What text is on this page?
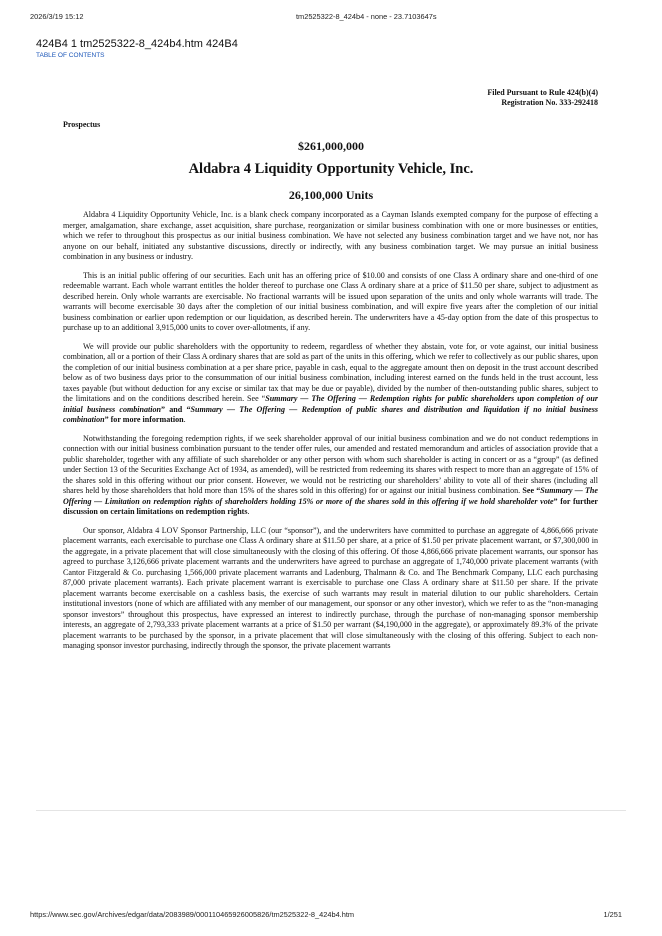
2026/3/19 15:12	tm2525322-8_424b4 - none - 23.7103647s
424B4 1 tm2525322-8_424b4.htm 424B4
TABLE OF CONTENTS
Filed Pursuant to Rule 424(b)(4)
Registration No. 333-292418
Prospectus
$261,000,000
Aldabra 4 Liquidity Opportunity Vehicle, Inc.
26,100,000 Units

Aldabra 4 Liquidity Opportunity Vehicle, Inc. is a blank check company incorporated as a Cayman Islands exempted company for the purpose of effecting a merger, amalgamation, share exchange, asset acquisition, share purchase, reorganization or similar business combination with one or more businesses or entities, which we refer to throughout this prospectus as our initial business combination. We have not selected any business combination target and we have not, nor has anyone on our behalf, initiated any substantive discussions, directly or indirectly, with any business combination target. We may pursue an initial business combination in any business or industry.

This is an initial public offering of our securities. Each unit has an offering price of $10.00 and consists of one Class A ordinary share and one-third of one redeemable warrant. Each whole warrant entitles the holder thereof to purchase one Class A ordinary share at a price of $11.50 per share, subject to adjustment as described herein. Only whole warrants are exercisable. No fractional warrants will be issued upon separation of the units and only whole warrants will trade. The warrants will become exercisable 30 days after the completion of our initial business combination, and will expire five years after the completion of our initial business combination or earlier upon redemption or our liquidation, as described herein. The underwriters have a 45-day option from the date of this prospectus to purchase up to an additional 3,915,000 units to cover over-allotments, if any.

We will provide our public shareholders with the opportunity to redeem, regardless of whether they abstain, vote for, or vote against, our initial business combination, all or a portion of their Class A ordinary shares that are sold as part of the units in this offering, which we refer to collectively as our public shares, upon the completion of our initial business combination at a per share price, payable in cash, equal to the aggregate amount then on deposit in the trust account described below as of two business days prior to the consummation of our initial business combination, including interest earned on the funds held in the trust account, less taxes payable (but without deduction for any excise or similar tax that may be due or payable), divided by the number of then-outstanding public shares, subject to the limitations and on the conditions described herein. See “Summary — The Offering — Redemption rights for public shareholders upon completion of our initial business combination” and “Summary — The Offering — Redemption of public shares and distribution and liquidation if no initial business combination” for more information.

Notwithstanding the foregoing redemption rights, if we seek shareholder approval of our initial business combination and we do not conduct redemptions in connection with our initial business combination pursuant to the tender offer rules, our amended and restated memorandum and articles of association provide that a public shareholder, together with any affiliate of such shareholder or any other person with whom such shareholder is acting in concert or as a “group” (as defined under Section 13 of the Securities Exchange Act of 1934, as amended), will be restricted from redeeming its shares with respect to more than an aggregate of 15% of the shares sold in this offering without our prior consent. However, we would not be restricting our shareholders’ ability to vote all of their shares (including all shares held by those shareholders that hold more than 15% of the shares sold in this offering) for or against our initial business combination. See “Summary — The Offering — Limitation on redemption rights of shareholders holding 15% or more of the shares sold in this offering if we hold shareholder vote” for further discussion on certain limitations on redemption rights.

Our sponsor, Aldabra 4 LOV Sponsor Partnership, LLC (our “sponsor”), and the underwriters have committed to purchase an aggregate of 4,866,666 private placement warrants, each exercisable to purchase one Class A ordinary share at $11.50 per share, at a price of $1.50 per private placement warrant, or $7,300,000 in the aggregate, in a private placement that will close simultaneously with the closing of this offering. Of those 4,866,666 private placement warrants, our sponsor has agreed to purchase 3,126,666 private placement warrants and the underwriters have agreed to purchase an aggregate of 1,740,000 private placement warrants (with Cantor Fitzgerald & Co. purchasing 1,566,000 private placement warrants and Ladenburg, Thalmann & Co. and The Benchmark Company, LLC each purchasing 87,000 private placement warrants). Each private placement warrant is exercisable to purchase one Class A ordinary share at $11.50 per share. If the private placement warrants become exercisable on a cashless basis, the exercise of such warrants may result in material dilution to our public shareholders. Certain institutional investors (none of which are affiliated with any member of our management, our sponsor or any other investor), which we refer to as the “non-managing sponsor investors” throughout this prospectus, have expressed an interest to indirectly purchase, through the purchase of non-managing sponsor membership interests, an aggregate of 2,793,333 private placement warrants at a price of $1.50 per warrant ($4,190,000 in the aggregate), or approximately 89.3% of the private placement warrants to be purchased by the sponsor, in a private placement that will close simultaneously with the closing of this offering. Subject to each non-managing sponsor investor purchasing, indirectly through the sponsor, the private placement warrants

https://www.sec.gov/Archives/edgar/data/2083989/000110465926005826/tm2525322-8_424b4.htm	1/251
